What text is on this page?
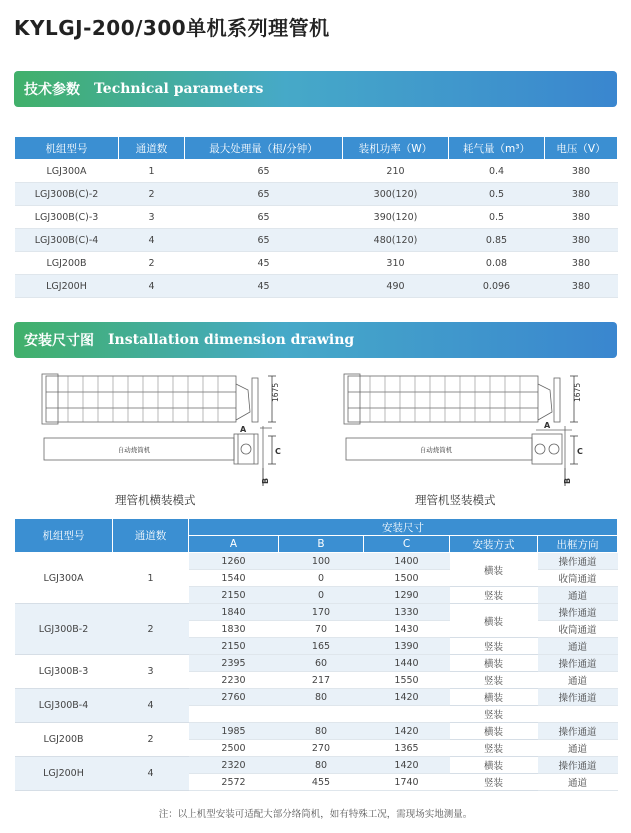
KYLGJ-200/300单机系列理管机
技术参数 Technical parameters
机组型号	通道数	最大处理量（根/分钟）	装机功率（W）	耗气量（m³）	电压（V）
LGJ300A	1	65	210	0.4	380
LGJ300B(C)-2	2	65	300(120)	0.5	380
LGJ300B(C)-3	3	65	390(120)	0.5	380
LGJ300B(C)-4	4	65	480(120)	0.85	380
LGJ200B	2	45	310	0.08	380
LGJ200H	4	45	490	0.096	380
安装尺寸图 Installation dimension drawing
1675
自动烧筒机
A
C
B
理管机横装模式
1675
自动烧筒机
A
C
B
理管机竖装模式
机组型号	通道数	安装尺寸				
		A	B	C	安装方式	出框方向
LGJ300A	1	1260	100	1400	横装	操作通道
		1540	0	1500		收筒通道
		2150	0	1290	竖装	通道
LGJ300B-2	2	1840	170	1330	横装	操作通道
		1830	70	1430		收筒通道
		2150	165	1390	竖装	通道
LGJ300B-3	3	2395	60	1440	横装	操作通道
		2230	217	1550	竖装	通道
LGJ300B-4	4	2760	80	1420	横装	操作通道
					竖装	
LGJ200B	2	1985	80	1420	横装	操作通道
		2500	270	1365	竖装	通道
LGJ200H	4	2320	80	1420	横装	操作通道
		2572	455	1740	竖装	通道
注：以上机型安装可适配大部分络筒机，如有特殊工况，需现场实地测量。
